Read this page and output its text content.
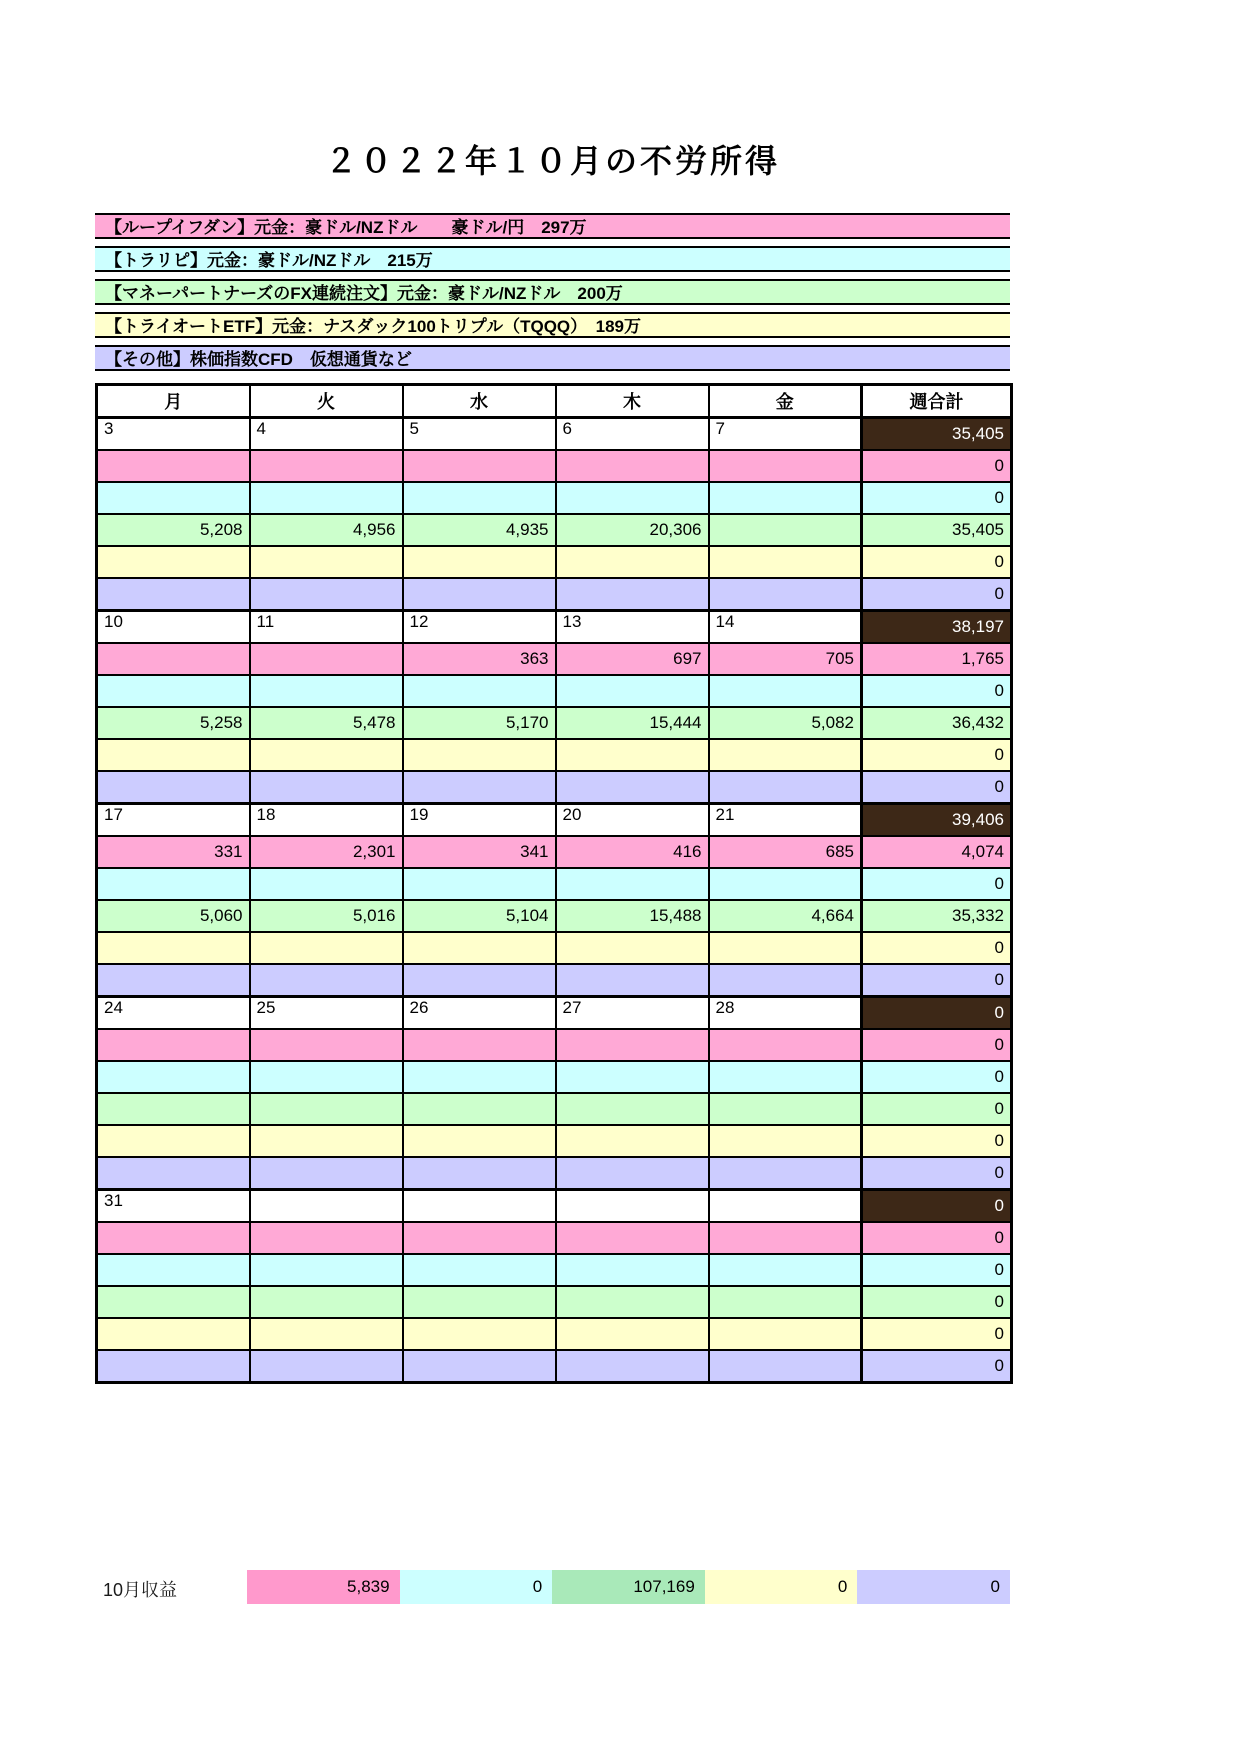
２０２２年１０月の不労所得
【ループイフダン】元金：豪ドル/NZドル　　豪ドル/円　297万
【トラリピ】元金：豪ドル/NZドル　215万
【マネーパートナーズのFX連続注文】元金：豪ドル/NZドル　200万
【トライオートETF】元金：ナスダック100トリプル（TQQQ）　189万
【その他】株価指数CFD　仮想通貨など
月	火	水	木	金	週合計
3	4	5	6	7	35,405
					0
					0
5,208	4,956	4,935	20,306		35,405
					0
					0
10	11	12	13	14	38,197
		363	697	705	1,765
					0
5,258	5,478	5,170	15,444	5,082	36,432
					0
					0
17	18	19	20	21	39,406
331	2,301	341	416	685	4,074
					0
5,060	5,016	5,104	15,488	4,664	35,332
					0
					0
24	25	26	27	28	0
					0
					0
					0
					0
					0
31					0
					0
					0
					0
					0
					0
10月収益	5,839	0	107,169	0	0
